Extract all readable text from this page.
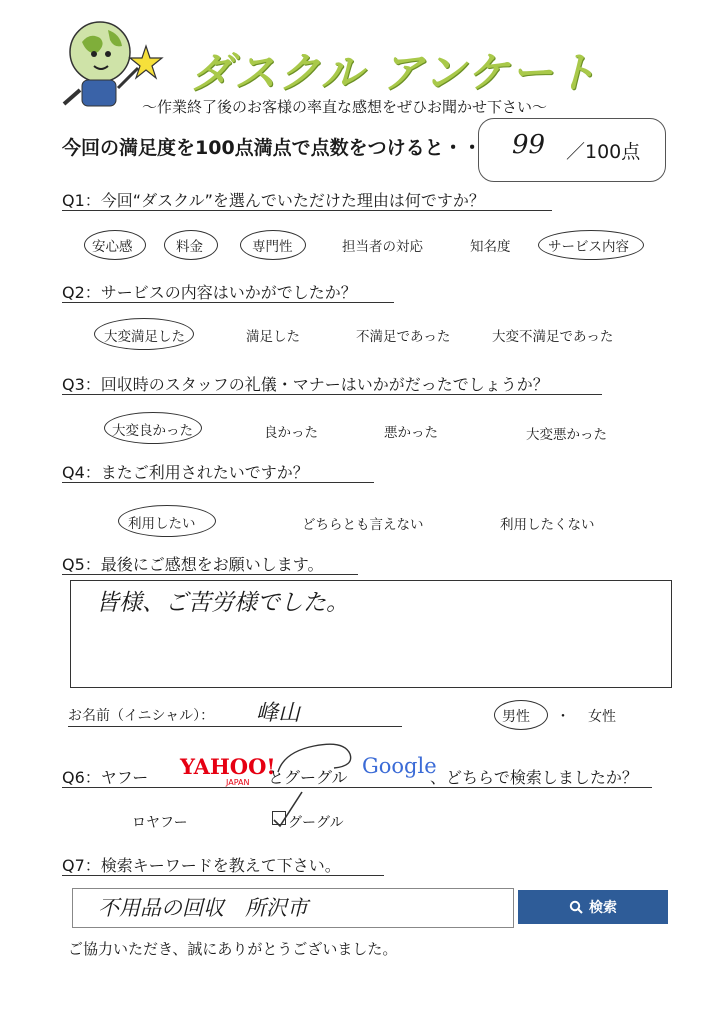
ダスクル アンケート
～作業終了後のお客様の率直な感想をぜひお聞かせ下さい～
今回の満足度を100点満点で点数をつけると・・ 99 ／100点
Q1：今回“ダスクル”を選んでいただけた理由は何ですか？
安心感	料金	専門性	担当者の対応	知名度	サービス内容
Q2：サービスの内容はいかがでしたか？
大変満足した	満足した	不満足であった	大変不満足であった
Q3：回収時のスタッフの礼儀・マナーはいかがだったでしょうか？
大変良かった	良かった	悪かった	大変悪かった
Q4：またご利用されたいですか？
利用したい	どちらとも言えない	利用したくない
Q5：最後にご感想をお願いします。
皆様、ご苦労様でした。
お名前（イニシャル）： 峰山	男性 ・ 女性
Q6：ヤフー YAHOO!
JAPAN とグーグル Google
、どちらで検索しましたか？
ロヤフー	グーグル
Q7：検索キーワードを教えて下さい。
不用品の回収　所沢市	検索
ご協力いただき、誠にありがとうございました。
